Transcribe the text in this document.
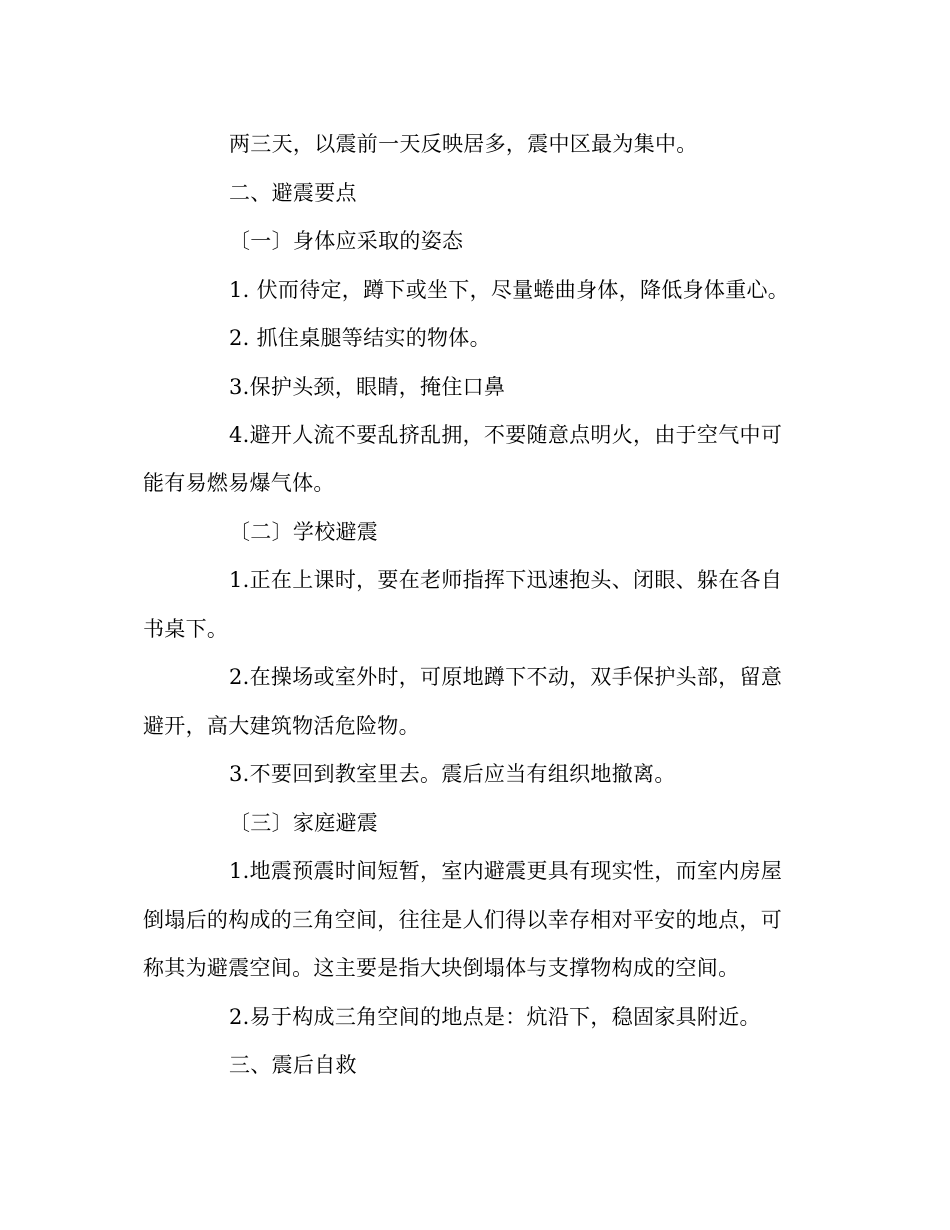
两三天，以震前一天反映居多，震中区最为集中。
二、避震要点
〔一〕身体应采取的姿态
1. 伏而待定，蹲下或坐下，尽量蜷曲身体，降低身体重心。
2. 抓住桌腿等结实的物体。
3.保护头颈，眼睛，掩住口鼻
4.避开人流不要乱挤乱拥，不要随意点明火，由于空气中可
能有易燃易爆气体。
〔二〕学校避震
1.正在上课时，要在老师指挥下迅速抱头、闭眼、躲在各自
书桌下。
2.在操场或室外时，可原地蹲下不动，双手保护头部，留意
避开，高大建筑物活危险物。
3.不要回到教室里去。震后应当有组织地撤离。
〔三〕家庭避震
1.地震预震时间短暂，室内避震更具有现实性，而室内房屋
倒塌后的构成的三角空间，往往是人们得以幸存相对平安的地点，可
称其为避震空间。这主要是指大块倒塌体与支撑物构成的空间。
2.易于构成三角空间的地点是：炕沿下，稳固家具附近。
三、震后自救
